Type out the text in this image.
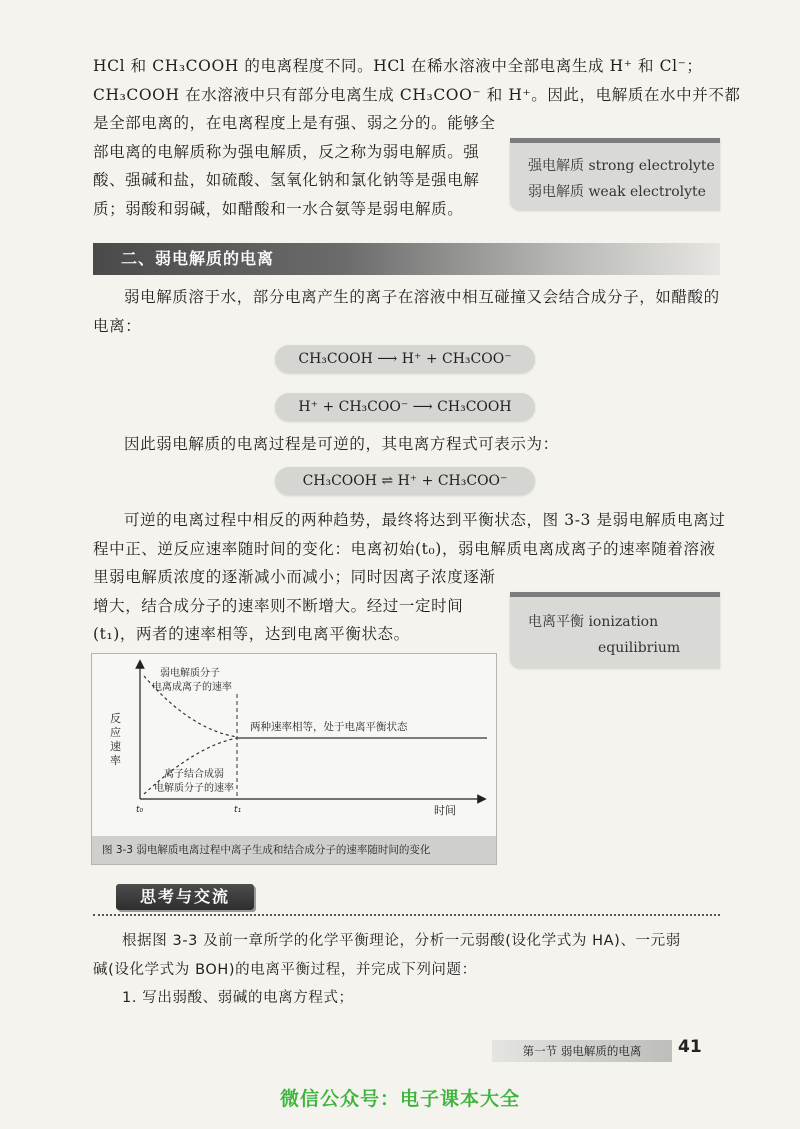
HCl 和 CH₃COOH 的电离程度不同。HCl 在稀水溶液中全部电离生成 H⁺ 和 Cl⁻；
CH₃COOH 在水溶液中只有部分电离生成 CH₃COO⁻ 和 H⁺。因此，电解质在水中并不都
是全部电离的，在电离程度上是有强、弱之分的。能够全
部电离的电解质称为强电解质，反之称为弱电解质。强
酸、强碱和盐，如硫酸、氢氧化钠和氯化钠等是强电解
质；弱酸和弱碱，如醋酸和一水合氨等是弱电解质。
强电解质 strong electrolyte
弱电解质 weak electrolyte
二、弱电解质的电离
弱电解质溶于水，部分电离产生的离子在溶液中相互碰撞又会结合成分子，如醋酸的
电离：
CH₃COOH ⟶ H⁺ + CH₃COO⁻
H⁺ + CH₃COO⁻ ⟶ CH₃COOH
因此弱电解质的电离过程是可逆的，其电离方程式可表示为：
CH₃COOH ⇌ H⁺ + CH₃COO⁻
可逆的电离过程中相反的两种趋势，最终将达到平衡状态，图 3-3 是弱电解质电离过
程中正、逆反应速率随时间的变化：电离初始(t₀)，弱电解质电离成离子的速率随着溶液
里弱电解质浓度的逐渐减小而减小；同时因离子浓度逐渐
增大，结合成分子的速率则不断增大。经过一定时间
(t₁)，两者的速率相等，达到电离平衡状态。
电离平衡 ionization
equilibrium
弱电解质分子
电离成离子的速率
反
应
速
率
两种速率相等，处于电离平衡状态
离子结合成弱
电解质分子的速率
t₀	t₁	时间
图 3-3 弱电解质电离过程中离子生成和结合成分子的速率随时间的变化
思考与交流
根据图 3-3 及前一章所学的化学平衡理论，分析一元弱酸(设化学式为 HA)、一元弱
碱(设化学式为 BOH)的电离平衡过程，并完成下列问题：
1. 写出弱酸、弱碱的电离方程式；
第一节 弱电解质的电离	41
微信公众号：电子课本大全
